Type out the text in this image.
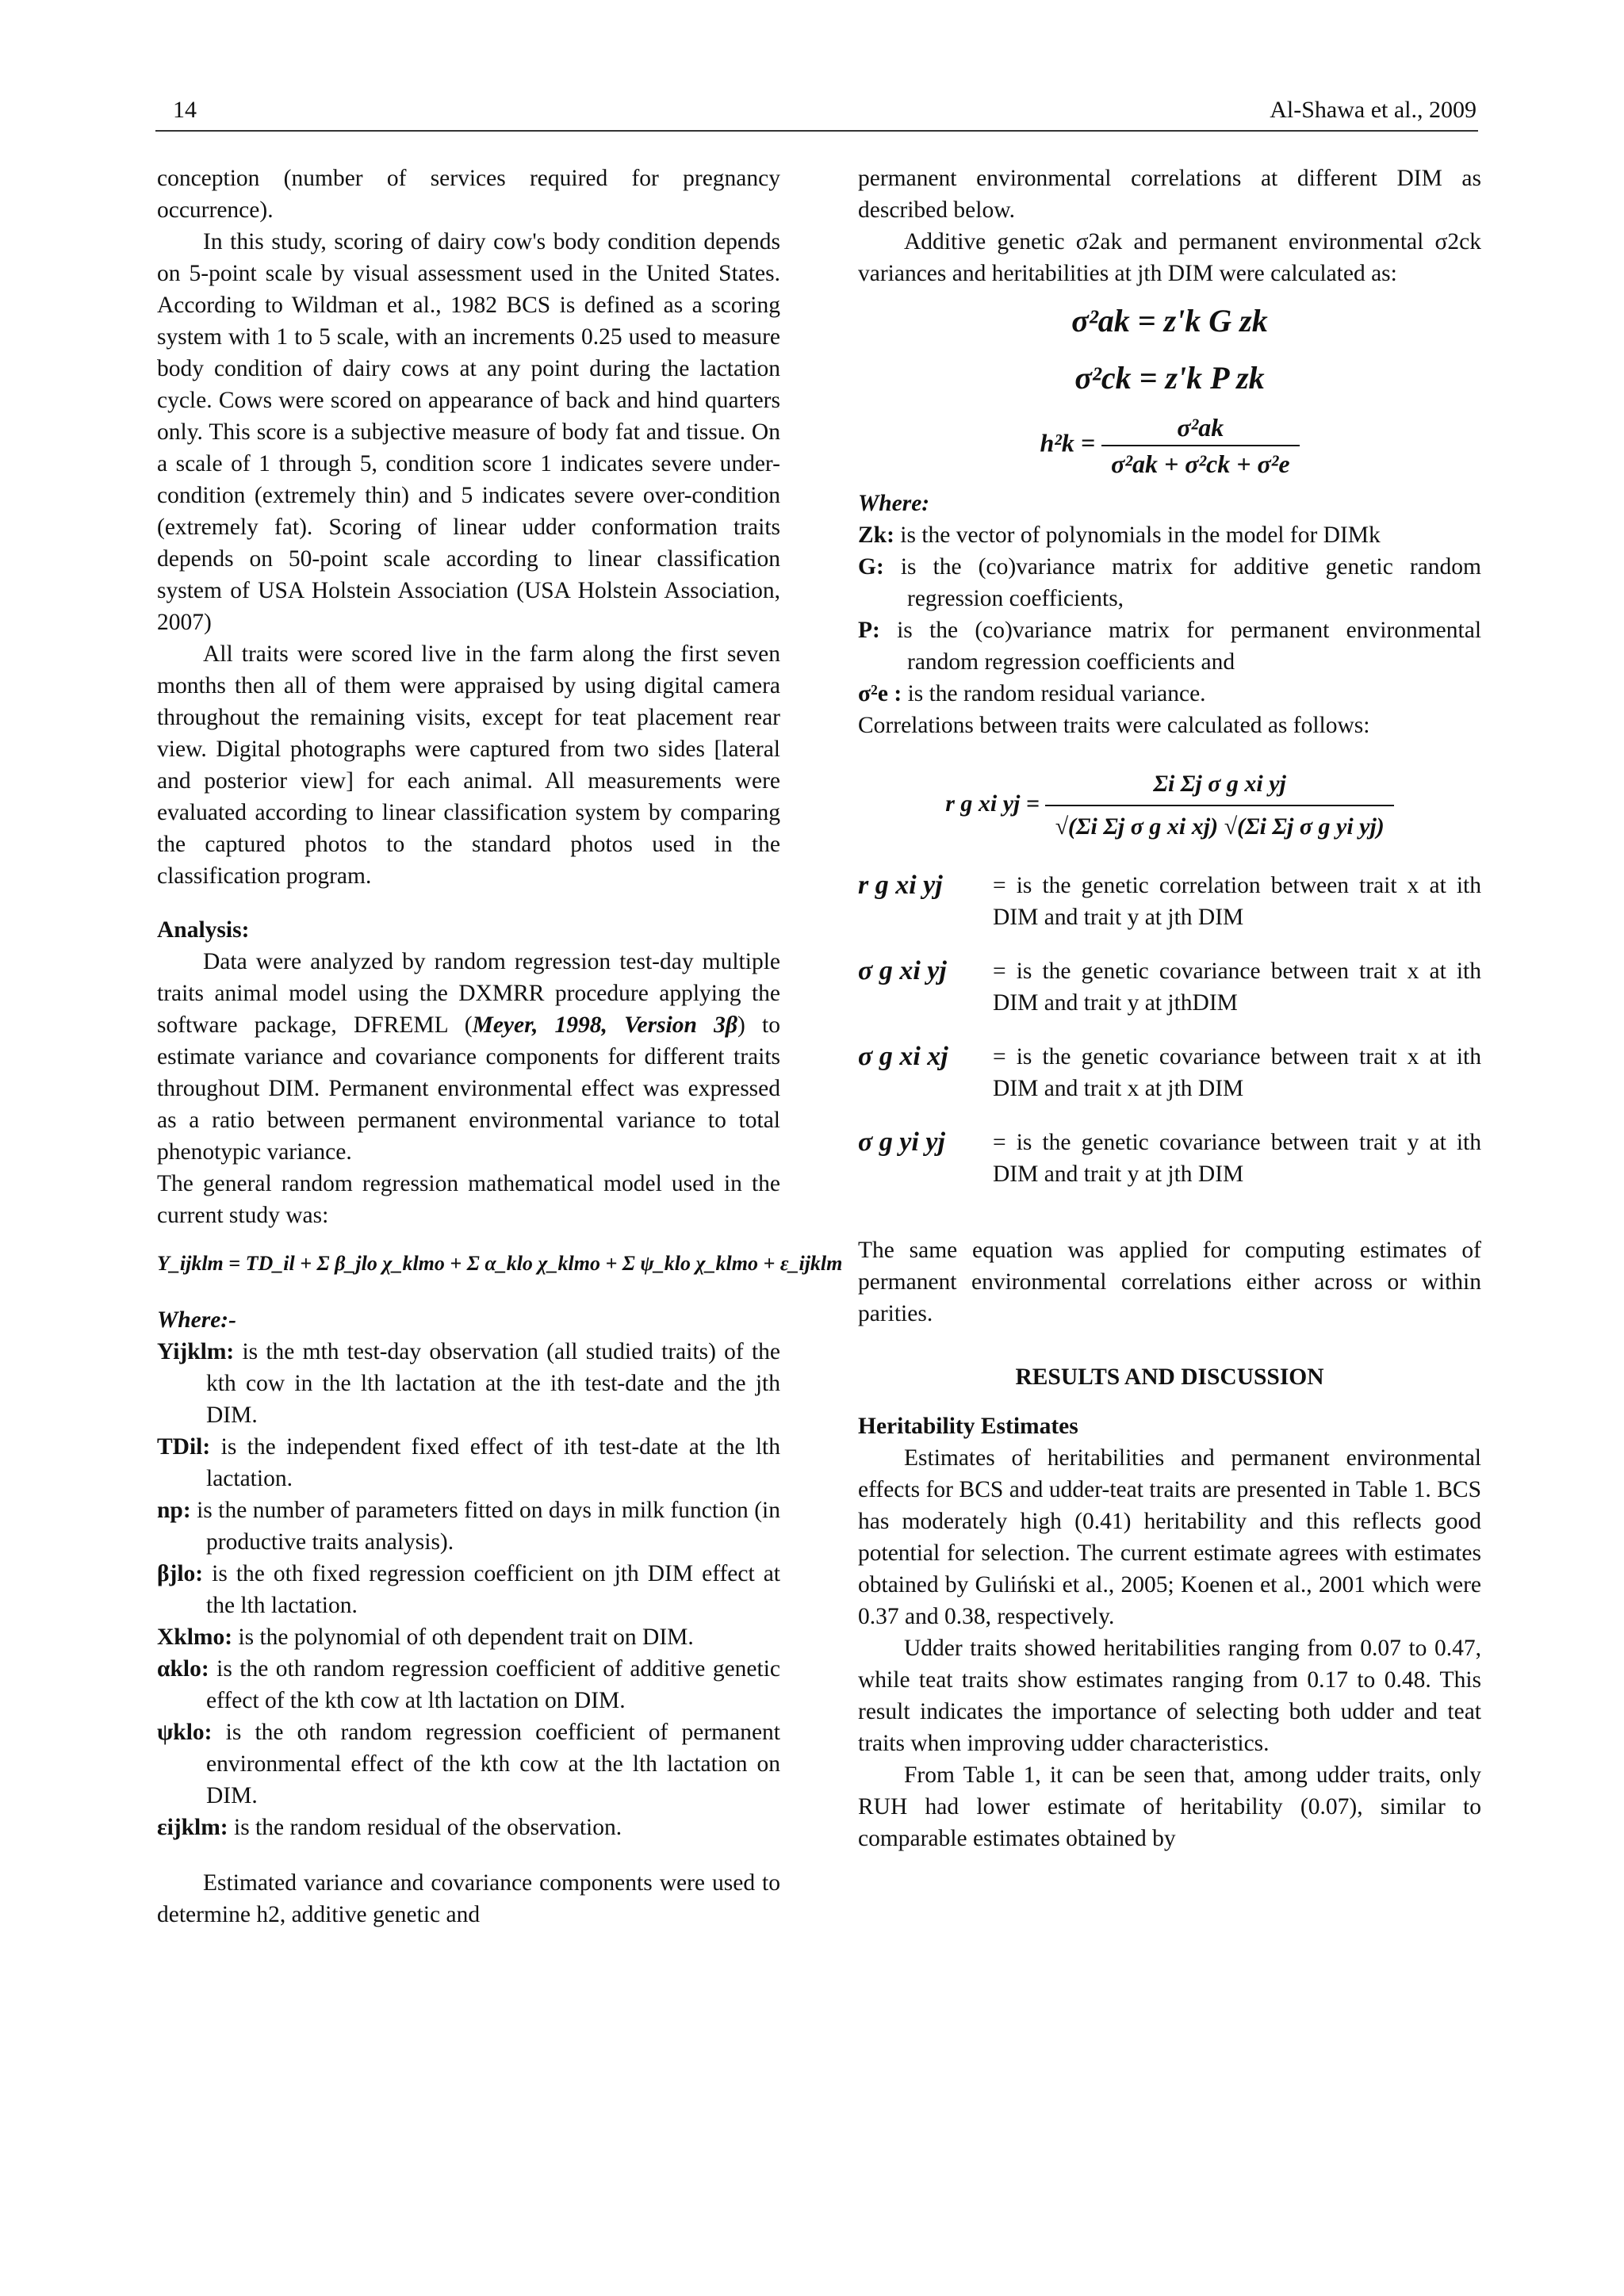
14	Al-Shawa et al., 2009

conception (number of services required for pregnancy occurrence).

In this study, scoring of dairy cow's body condition depends on 5-point scale by visual assessment used in the United States. According to Wildman et al., 1982 BCS is defined as a scoring system with 1 to 5 scale, with an increments 0.25 used to measure body condition of dairy cows at any point during the lactation cycle. Cows were scored on appearance of back and hind quarters only. This score is a subjective measure of body fat and tissue. On a scale of 1 through 5, condition score 1 indicates severe under-condition (extremely thin) and 5 indicates severe over-condition (extremely fat). Scoring of linear udder conformation traits depends on 50-point scale according to linear classification system of USA Holstein Association (USA Holstein Association, 2007)

All traits were scored live in the farm along the first seven months then all of them were appraised by using digital camera throughout the remaining visits, except for teat placement rear view. Digital photographs were captured from two sides [lateral and posterior view] for each animal. All measurements were evaluated according to linear classification system by comparing the captured photos to the standard photos used in the classification program.

Analysis:

Data were analyzed by random regression test-day multiple traits animal model using the DXMRR procedure applying the software package, DFREML (Meyer, 1998, Version 3β) to estimate variance and covariance components for different traits throughout DIM. Permanent environmental effect was expressed as a ratio between permanent environmental variance to total phenotypic variance.

The general random regression mathematical model used in the current study was:

Y_ijklm = TD_il + Σ β_jlo χ_klmo + Σ α_klo χ_klmo + Σ ψ_klo χ_klmo + ε_ijklm

Where:-

Yijklm: is the mth test-day observation (all studied traits) of the kth cow in the lth lactation at the ith test-date and the jth DIM.

TDil: is the independent fixed effect of ith test-date at the lth lactation.

np: is the number of parameters fitted on days in milk function (in productive traits analysis).

βjlo: is the oth fixed regression coefficient on jth DIM effect at the lth lactation.

Xklmo: is the polynomial of oth dependent trait on DIM.

αklo: is the oth random regression coefficient of additive genetic effect of the kth cow at lth lactation on DIM.

ψklo: is the oth random regression coefficient of permanent environmental effect of the kth cow at the lth lactation on DIM.

εijklm: is the random residual of the observation.

Estimated variance and covariance components were used to determine h2, additive genetic and

permanent environmental correlations at different DIM as described below.

Additive genetic σ2ak and permanent environmental σ2ck variances and heritabilities at jth DIM were calculated as:

σ²ak = z'k G zk
σ²ck = z'k P zk
$h^2k = \frac{\text{σ²ak}}{\text{σ²ak + σ²ck + σ²e}}$

Where:

Zk: is the vector of polynomials in the model for DIMk

G: is the (co)variance matrix for additive genetic random regression coefficients,

P: is the (co)variance matrix for permanent environmental random regression coefficients and

σ²e : is the random residual variance.

Correlations between traits were calculated as follows:

r g xi yj = $\frac{\text{Σi Σj σ g xi yj}}{\text{√(Σi Σj σ g xi xj) √(Σi Σj σ g yi yj)}}$
r g xi yj	= is the genetic correlation between trait x at ith DIM and trait y at jth DIM
σ g xi yj	= is the genetic covariance between trait x at ith DIM and trait y at jthDIM
σ g xi xj	= is the genetic covariance between trait x at ith DIM and trait x at jth DIM
σ g yi yj	= is the genetic covariance between trait y at ith DIM and trait y at jth DIM

The same equation was applied for computing estimates of permanent environmental correlations either across or within parities.

RESULTS AND DISCUSSION

Heritability Estimates

Estimates of heritabilities and permanent environmental effects for BCS and udder-teat traits are presented in Table 1. BCS has moderately high (0.41) heritability and this reflects good potential for selection. The current estimate agrees with estimates obtained by Guliński et al., 2005; Koenen et al., 2001 which were 0.37 and 0.38, respectively.

Udder traits showed heritabilities ranging from 0.07 to 0.47, while teat traits show estimates ranging from 0.17 to 0.48. This result indicates the importance of selecting both udder and teat traits when improving udder characteristics.

From Table 1, it can be seen that, among udder traits, only RUH had lower estimate of heritability (0.07), similar to comparable estimates obtained by
